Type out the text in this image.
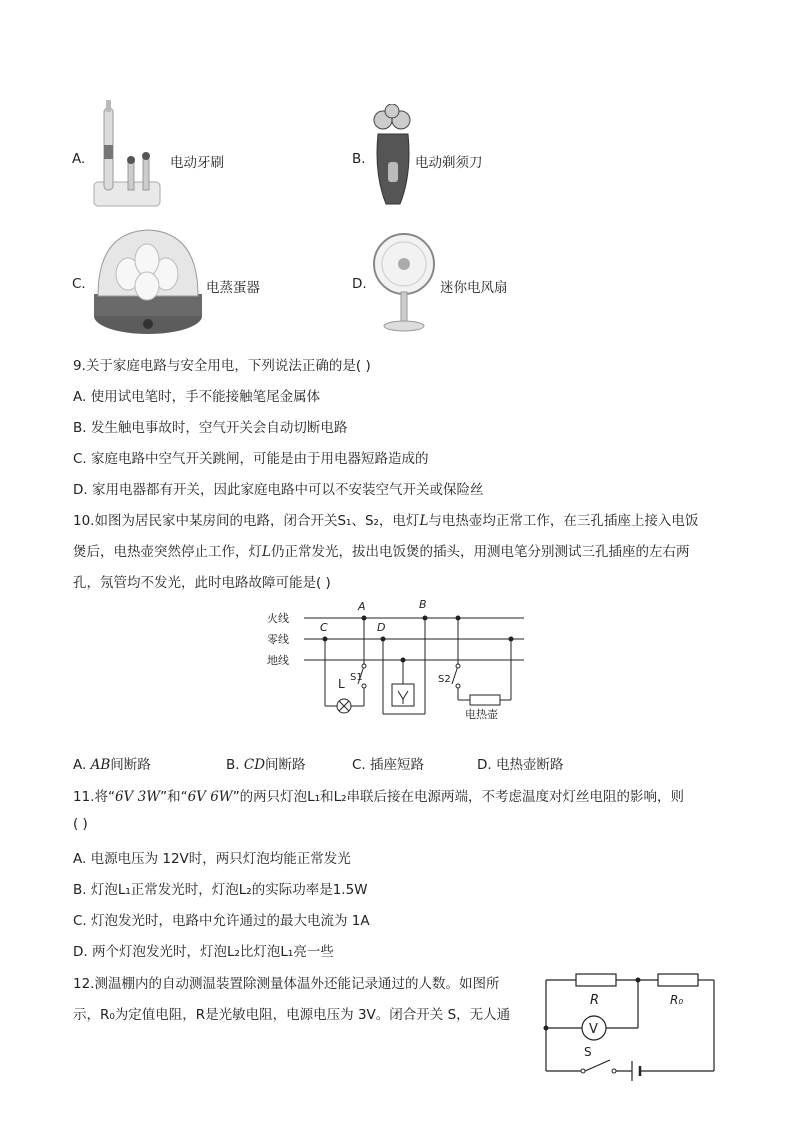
A.	电动牙刷	B.	电动剃须刀
C.	电蒸蛋器	D.	迷你电风扇
9.关于家庭电路与安全用电，下列说法正确的是( )
A. 使用试电笔时，手不能接触笔尾金属体
B. 发生触电事故时，空气开关会自动切断电路
C. 家庭电路中空气开关跳闸，可能是由于用电器短路造成的
D. 家用电器都有开关，因此家庭电路中可以不安装空气开关或保险丝
10.如图为居民家中某房间的电路，闭合开关S₁、S₂，电灯L与电热壶均正常工作，在三孔插座上接入电饭
煲后，电热壶突然停止工作，灯L仍正常发光，拔出电饭煲的插头，用测电笔分别测试三孔插座的左右两
孔，氖管均不发光，此时电路故障可能是( )
火线
零线
地线
A	B
C	D
S1
L	S2
电热壶
A. AB间断路	B. CD间断路	C. 插座短路	D. 电热壶断路
11.将“6V 3W”和“6V 6W”的两只灯泡L₁和L₂串联后接在电源两端，不考虑温度对灯丝电阻的影响，则
( )
A. 电源电压为 12V时，两只灯泡均能正常发光
B. 灯泡L₁正常发光时，灯泡L₂的实际功率是1.5W
C. 灯泡发光时，电路中允许通过的最大电流为 1A
D. 两个灯泡发光时，灯泡L₂比灯泡L₁亮一些
12.测温棚内的自动测温装置除测量体温外还能记录通过的人数。如图所
示，R₀为定值电阻，R是光敏电阻，电源电压为 3V。闭合开关 S，无人通
R	R₀
V
S
